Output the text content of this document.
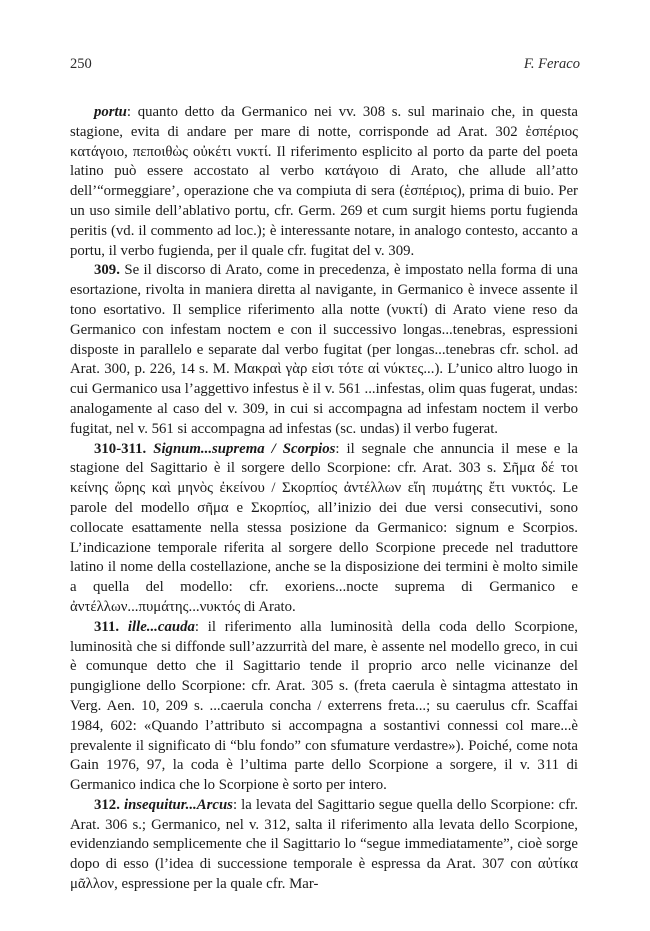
250	F. Feraco

portu: quanto detto da Germanico nei vv. 308 s. sul marinaio che, in questa stagione, evita di andare per mare di notte, corrisponde ad Arat. 302 ἑσπέριος κατάγοιο, πεποιθὼς οὐκέτι νυκτί. Il riferimento esplicito al porto da parte del poeta latino può essere accostato al verbo κατάγοιο di Arato, che allude all’atto dell’“ormeggiare’, operazione che va compiuta di sera (ἑσπέριος), prima di buio. Per un uso simile dell’ablativo portu, cfr. Germ. 269 et cum surgit hiems portu fugienda peritis (vd. il commento ad loc.); è interessante notare, in analogo contesto, accanto a portu, il verbo fugienda, per il quale cfr. fugitat del v. 309.

309. Se il discorso di Arato, come in precedenza, è impostato nella forma di una esortazione, rivolta in maniera diretta al navigante, in Germanico è invece assente il tono esortativo. Il semplice riferimento alla notte (νυκτί) di Arato viene reso da Germanico con infestam noctem e con il successivo longas...tenebras, espressioni disposte in parallelo e separate dal verbo fugitat (per longas...tenebras cfr. schol. ad Arat. 300, p. 226, 14 s. M. Μακραὶ γὰρ εἰσι τότε αἱ νύκτες...). L’unico altro luogo in cui Germanico usa l’aggettivo infestus è il v. 561 ...infestas, olim quas fugerat, undas: analogamente al caso del v. 309, in cui si accompagna ad infestam noctem il verbo fugitat, nel v. 561 si accompagna ad infestas (sc. undas) il verbo fugerat.

310-311. Signum...suprema / Scorpios: il segnale che annuncia il mese e la stagione del Sagittario è il sorgere dello Scorpione: cfr. Arat. 303 s. Σῆμα δέ τοι κείνης ὥρης καὶ μηνὸς ἐκείνου / Σκορπίος ἀντέλλων εἴη πυμάτης ἔτι νυκτός. Le parole del modello σῆμα e Σκορπίος, all’inizio dei due versi consecutivi, sono collocate esattamente nella stessa posizione da Germanico: signum e Scorpios. L’indicazione temporale riferita al sorgere dello Scorpione precede nel traduttore latino il nome della costellazione, anche se la disposizione dei termini è molto simile a quella del modello: cfr. exoriens...nocte suprema di Germanico e ἀντέλλων...πυμάτης...νυκτός di Arato.

311. ille...cauda: il riferimento alla luminosità della coda dello Scorpione, luminosità che si diffonde sull’azzurrità del mare, è assente nel modello greco, in cui è comunque detto che il Sagittario tende il proprio arco nelle vicinanze del pungiglione dello Scorpione: cfr. Arat. 305 s. (freta caerula è sintagma attestato in Verg. Aen. 10, 209 s. ...caerula concha / exterrens freta...; su caerulus cfr. Scaffai 1984, 602: «Quando l’attributo si accompagna a sostantivi connessi col mare...è prevalente il significato di “blu fondo” con sfumature verdastre»). Poiché, come nota Gain 1976, 97, la coda è l’ultima parte dello Scorpione a sorgere, il v. 311 di Germanico indica che lo Scorpione è sorto per intero.

312. insequitur...Arcus: la levata del Sagittario segue quella dello Scorpione: cfr. Arat. 306 s.; Germanico, nel v. 312, salta il riferimento alla levata dello Scorpione, evidenziando semplicemente che il Sagittario lo “segue immediatamente”, cioè sorge dopo di esso (l’idea di successione temporale è espressa da Arat. 307 con αὐτίκα μᾶλλον, espressione per la quale cfr. Mar-
